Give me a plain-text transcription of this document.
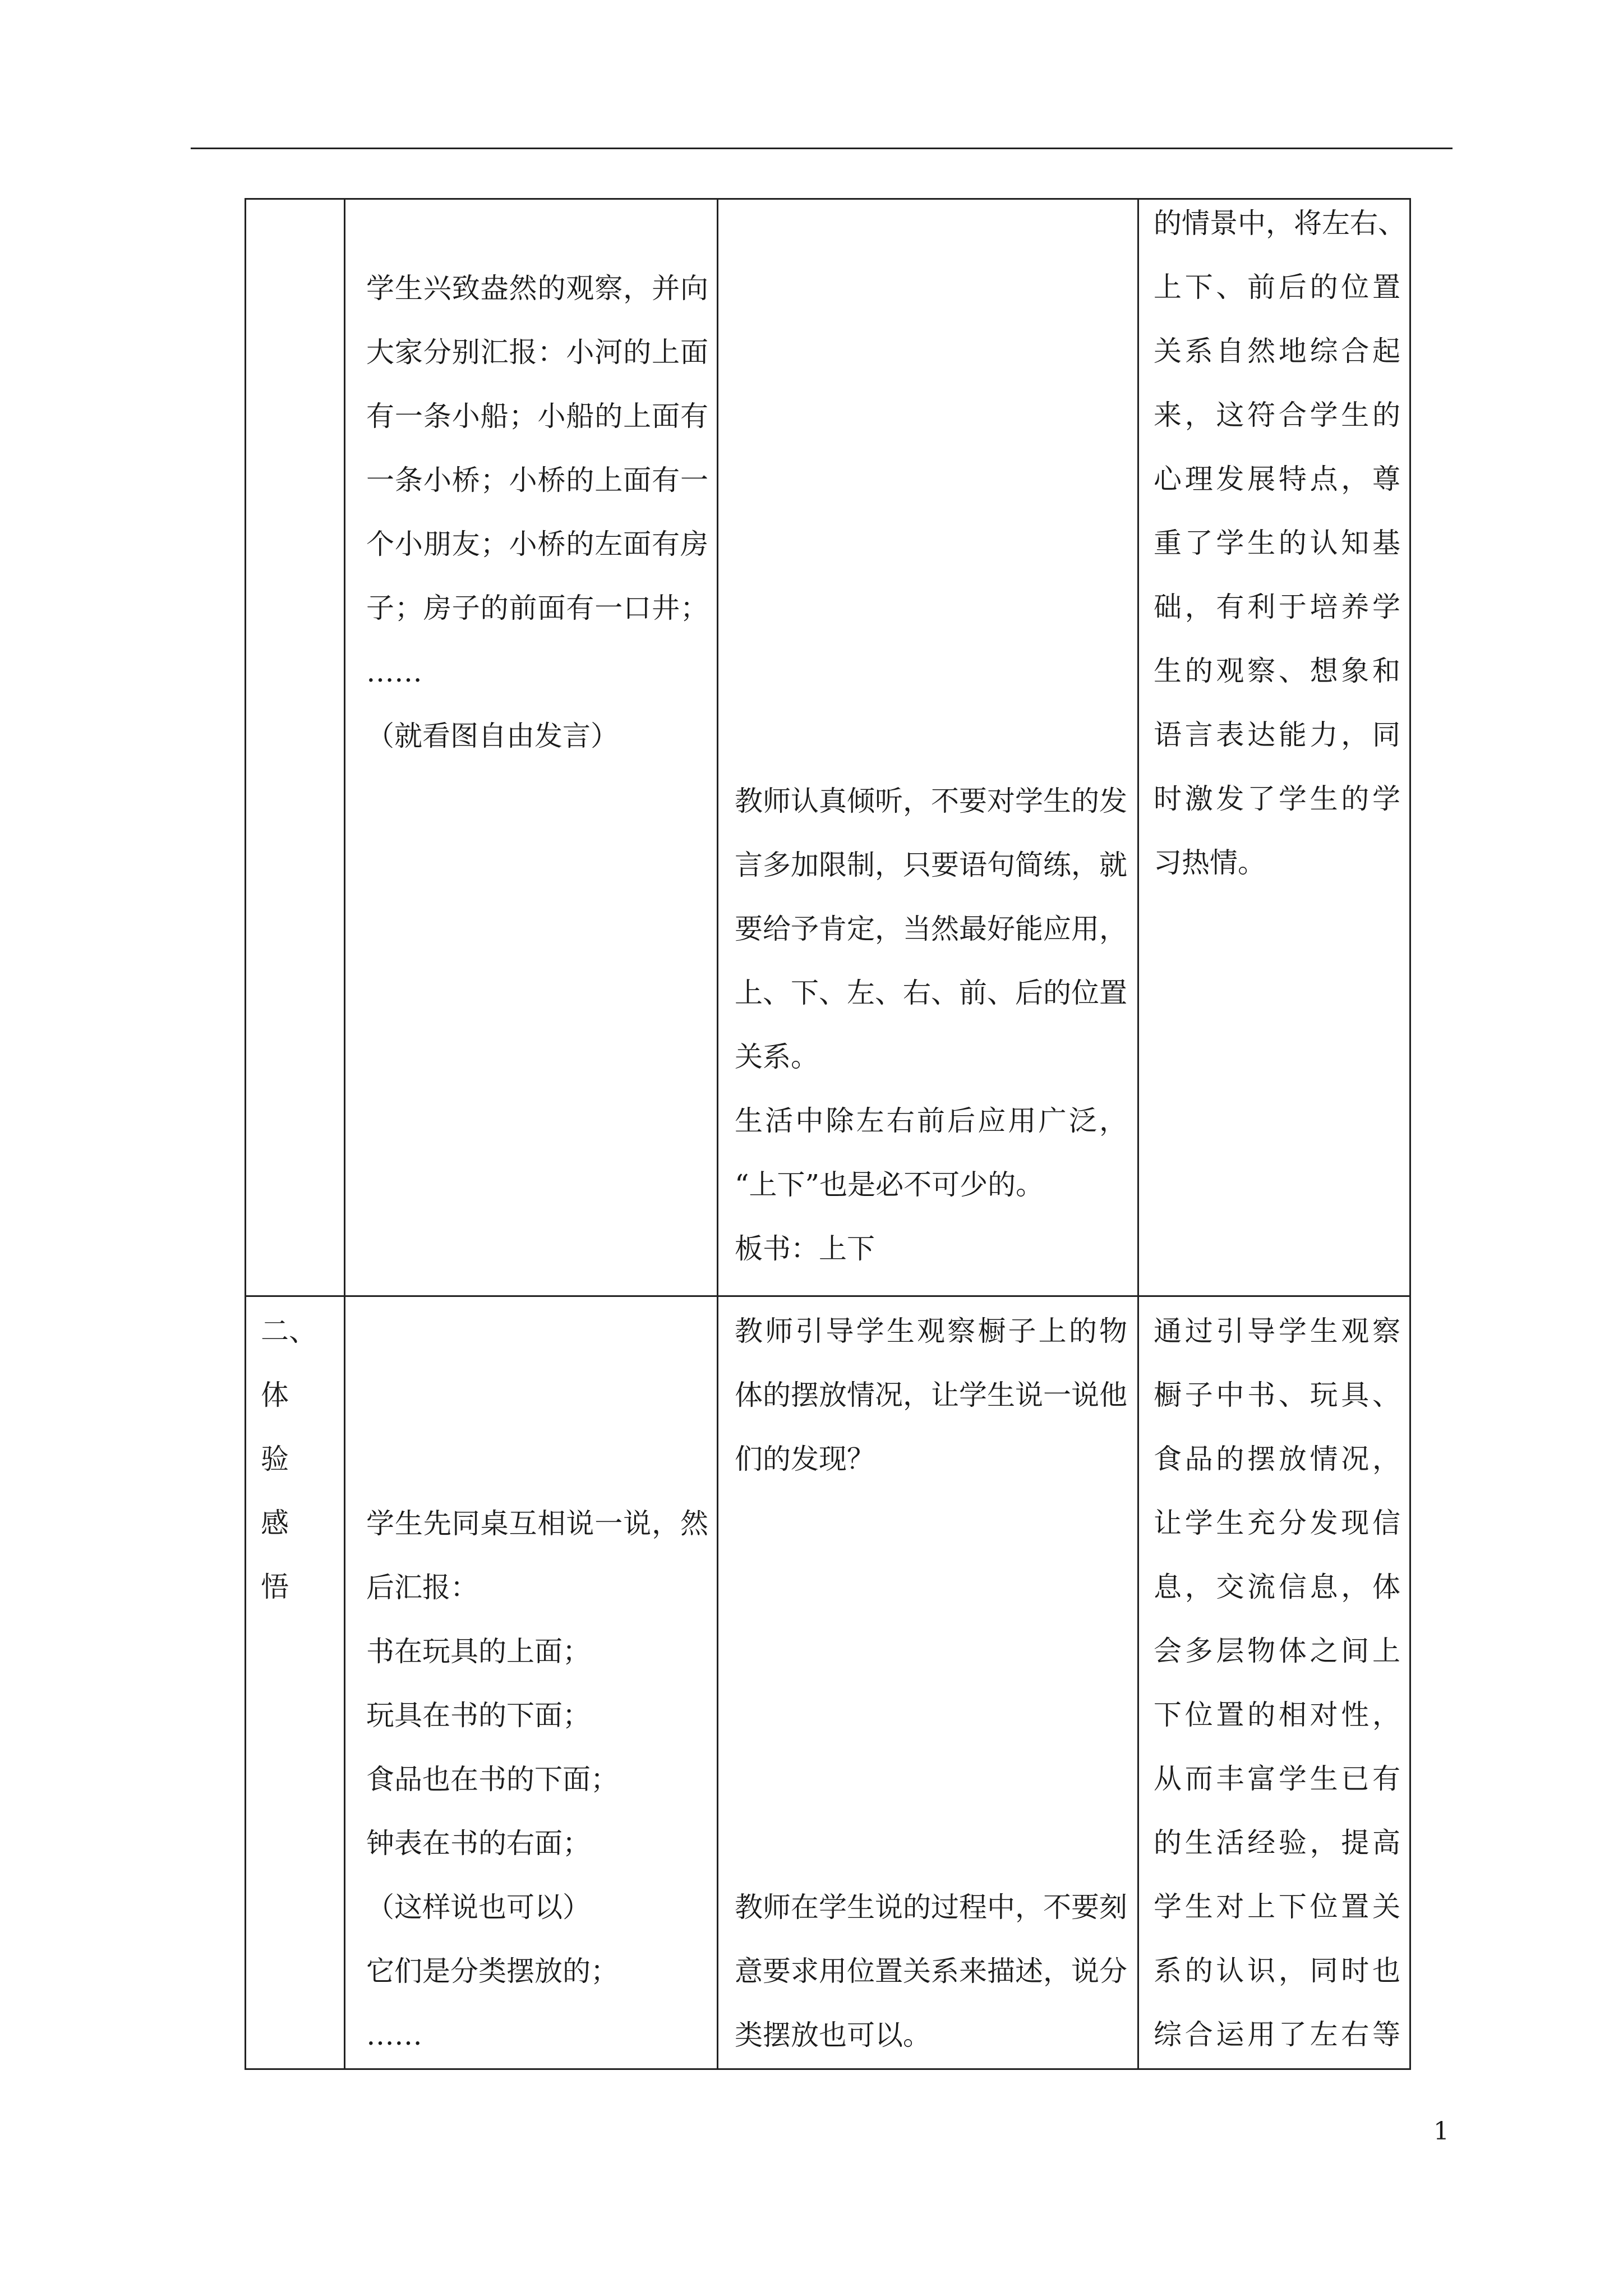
学生兴致盎然的观察，并向
大家分别汇报：小河的上面
有一条小船；小船的上面有
一条小桥；小桥的上面有一
个小朋友；小桥的左面有房
子；房子的前面有一口井；
……
（就看图自由发言）
教师认真倾听，不要对学生的发
言多加限制，只要语句简练，就
要给予肯定，当然最好能应用，
上、下、左、右、前、后的位置
关系。
生活中除左右前后应用广泛，
“上下”也是必不可少的。
板书：上下
的情景中，将左右、
上下、前后的位置
关系自然地综合起
来，这符合学生的
心理发展特点，尊
重了学生的认知基
础，有利于培养学
生的观察、想象和
语言表达能力，同
时激发了学生的学
习热情。
二、
体
验
感
悟
学生先同桌互相说一说，然
后汇报：
书在玩具的上面；
玩具在书的下面；
食品也在书的下面；
钟表在书的右面；
（这样说也可以）
它们是分类摆放的；
……
教师引导学生观察橱子上的物
体的摆放情况，让学生说一说他
们的发现？
教师在学生说的过程中，不要刻
意要求用位置关系来描述，说分
类摆放也可以。
通过引导学生观察
橱子中书、玩具、
食品的摆放情况，
让学生充分发现信
息，交流信息，体
会多层物体之间上
下位置的相对性，
从而丰富学生已有
的生活经验，提高
学生对上下位置关
系的认识，同时也
综合运用了左右等
1
